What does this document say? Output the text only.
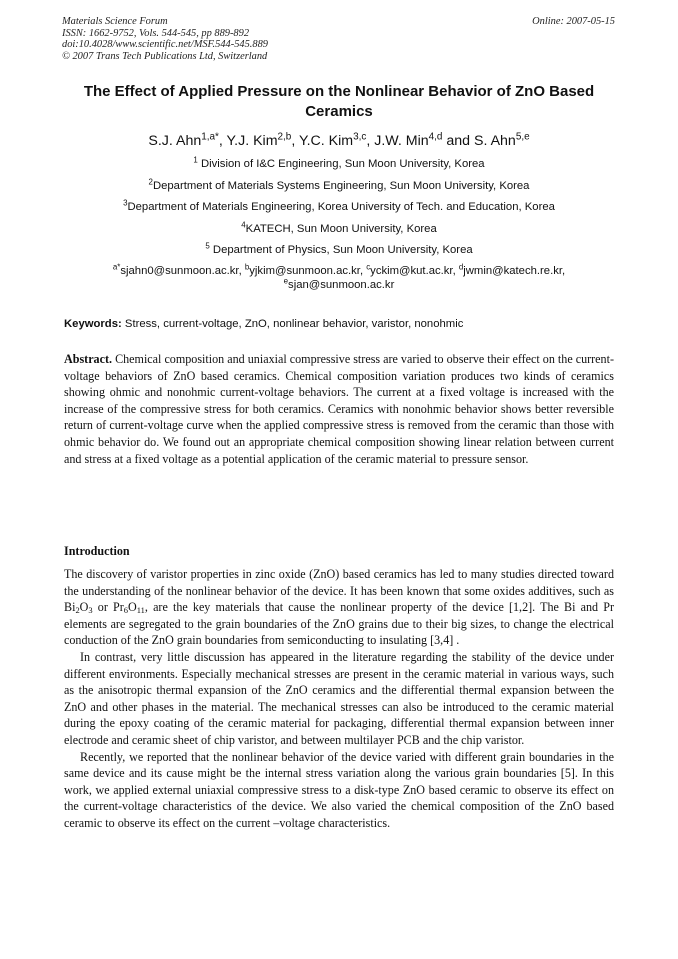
Materials Science Forum
ISSN: 1662-9752, Vols. 544-545, pp 889-892
doi:10.4028/www.scientific.net/MSF.544-545.889
© 2007 Trans Tech Publications Ltd, Switzerland
Online: 2007-05-15
The Effect of Applied Pressure on the Nonlinear Behavior of ZnO Based Ceramics
S.J. Ahn$^{1,a*}$, Y.J. Kim$^{2,b}$, Y.C. Kim$^{3,c}$, J.W. Min$^{4,d}$ and S. Ahn$^{5,e}$
$^1$ Division of I&C Engineering, Sun Moon University, Korea
$^2$Department of Materials Systems Engineering, Sun Moon University, Korea
$^3$Department of Materials Engineering, Korea University of Tech. and Education, Korea
$^4$KATECH, Sun Moon University, Korea
$^5$ Department of Physics, Sun Moon University, Korea
$^{a*}$sjahn0@sunmoon.ac.kr, $^b$yjkim@sunmoon.ac.kr, $^c$yckim@kut.ac.kr, $^d$jwmin@katech.re.kr,
$^e$sjan@sunmoon.ac.kr
Keywords: Stress, current-voltage, ZnO, nonlinear behavior, varistor, nonohmic

Abstract. Chemical composition and uniaxial compressive stress are varied to observe their effect on the current-voltage behaviors of ZnO based ceramics. Chemical composition variation produces two kinds of ceramics showing ohmic and nonohmic current-voltage behaviors. The current at a fixed voltage is increased with the increase of the compressive stress for both ceramics. Ceramics with nonohmic behavior shows better reversible return of current-voltage curve when the applied compressive stress is removed from the ceramic than those with ohmic behavior do. We found out an appropriate chemical composition showing linear relation between current and stress at a fixed voltage as a potential application of the ceramic material to pressure sensor.

Introduction

The discovery of varistor properties in zinc oxide (ZnO) based ceramics has led to many studies directed toward the understanding of the nonlinear behavior of the device. It has been known that some oxides additives, such as $Bi_2O_3$ or $Pr_6O_{11}$, are the key materials that cause the nonlinear property of the device [1,2]. The Bi and Pr elements are segregated to the grain boundaries of the ZnO grains due to their big sizes, to change the electrical conduction of the ZnO grain boundaries from semiconducting to insulating [3,4] .

In contrast, very little discussion has appeared in the literature regarding the stability of the device under different environments. Especially mechanical stresses are present in the ceramic material in various ways, such as the anisotropic thermal expansion of the ZnO ceramics and the differential thermal expansion between the ZnO and other phases in the material. The mechanical stresses can also be introduced to the ceramic material during the epoxy coating of the ceramic material for packaging, differential thermal expansion between inner electrode and ceramic sheet of chip varistor, and between multilayer PCB and the chip varistor.

Recently, we reported that the nonlinear behavior of the device varied with different grain boundaries in the same device and its cause might be the internal stress variation along the various grain boundaries [5]. In this work, we applied external uniaxial compressive stress to a disk-type ZnO based ceramic to observe its effect on the current-voltage characteristics of the device. We also varied the chemical composition of the ZnO based ceramic to observe its effect on the current –voltage characteristics.
